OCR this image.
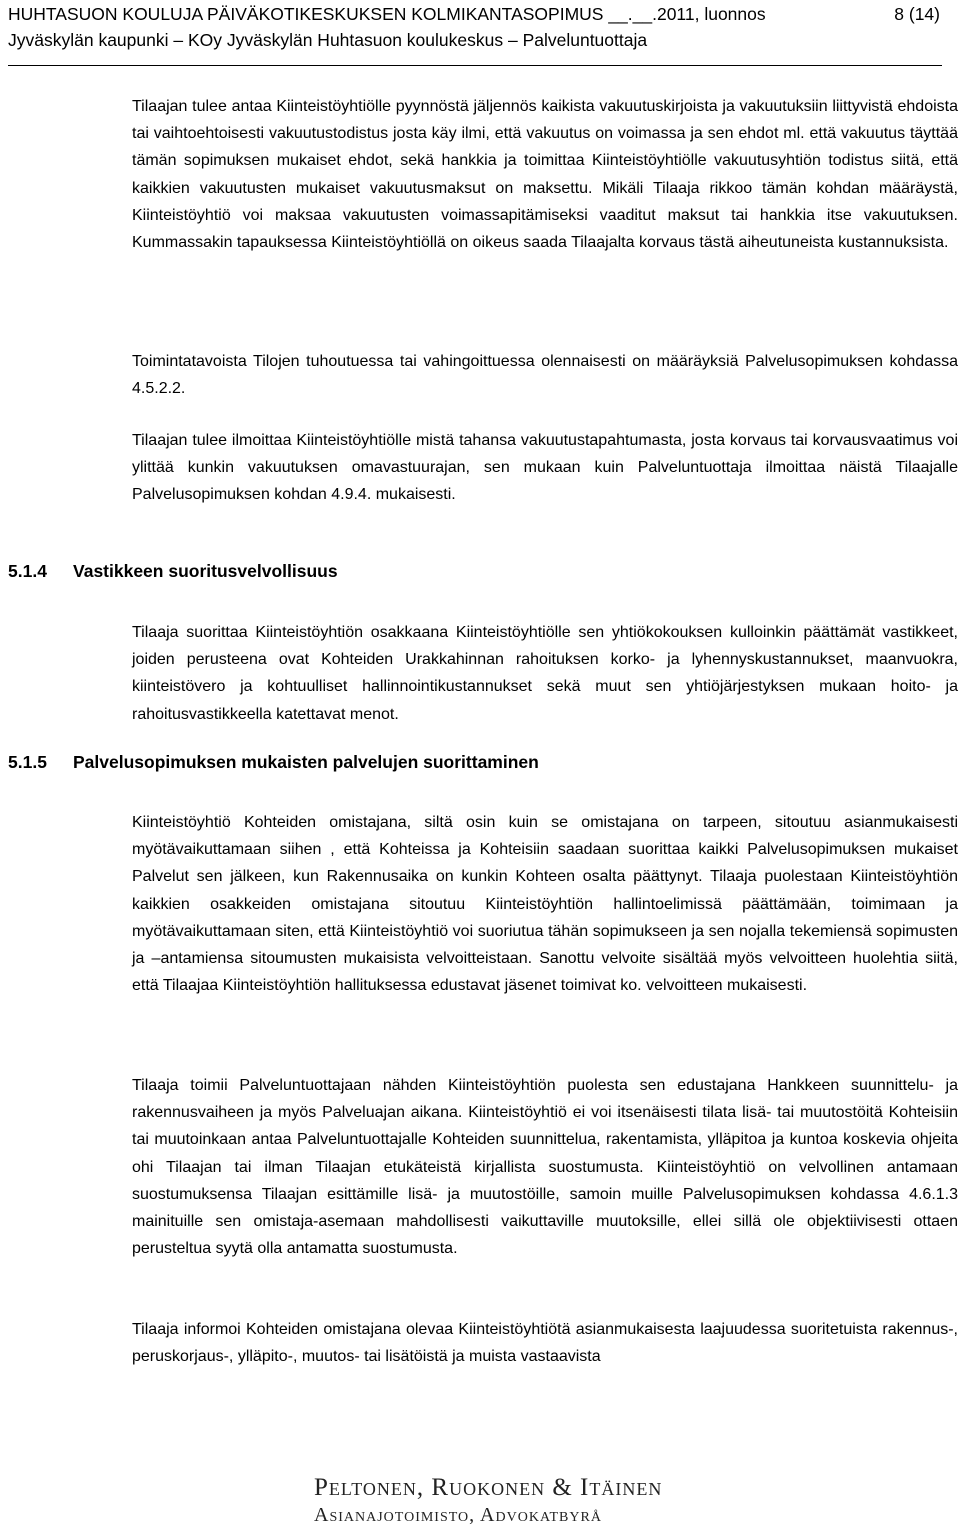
HUHTASUON KOULUJA PÄIVÄKOTIKESKUKSEN KOLMIKANTASOPIMUS __.__.2011, luonnos	8 (14)
Jyväskylän kaupunki – KOy Jyväskylän Huhtasuon koulukeskus – Palveluntuottaja

Tilaajan tulee antaa Kiinteistöyhtiölle pyynnöstä jäljennös kaikista vakuutuskirjoista ja vakuutuksiin liittyvistä ehdoista tai vaihtoehtoisesti vakuutustodistus josta käy ilmi, että vakuutus on voimassa ja sen ehdot ml. että vakuutus täyttää tämän sopimuksen mukaiset ehdot, sekä hankkia ja toimittaa Kiinteistöyhtiölle vakuutusyhtiön todistus siitä, että kaikkien vakuutusten mukaiset vakuutusmaksut on maksettu. Mikäli Tilaaja rikkoo tämän kohdan määräystä, Kiinteistöyhtiö voi maksaa vakuutusten voimassapitämiseksi vaaditut maksut tai hankkia itse vakuutuksen. Kummassakin tapauksessa Kiinteistöyhtiöllä on oikeus saada Tilaajalta korvaus tästä aiheutuneista kustannuksista.

Toimintatavoista Tilojen tuhoutuessa tai vahingoittuessa olennaisesti on määräyksiä Palvelusopimuksen kohdassa 4.5.2.2.

Tilaajan tulee ilmoittaa Kiinteistöyhtiölle mistä tahansa vakuutustapahtumasta, josta korvaus tai korvausvaatimus voi ylittää kunkin vakuutuksen omavastuurajan, sen mukaan kuin Palveluntuottaja ilmoittaa näistä Tilaajalle Palvelusopimuksen kohdan 4.9.4. mukaisesti.

5.1.4 Vastikkeen suoritusvelvollisuus

Tilaaja suorittaa Kiinteistöyhtiön osakkaana Kiinteistöyhtiölle sen yhtiökokouksen kulloinkin päättämät vastikkeet, joiden perusteena ovat Kohteiden Urakkahinnan rahoituksen korko- ja lyhennyskustannukset, maanvuokra, kiinteistövero ja kohtuulliset hallinnointikustannukset sekä muut sen yhtiöjärjestyksen mukaan hoito- ja rahoitusvastikkeella katettavat menot.

5.1.5 Palvelusopimuksen mukaisten palvelujen suorittaminen

Kiinteistöyhtiö Kohteiden omistajana, siltä osin kuin se omistajana on tarpeen, sitoutuu asianmukaisesti myötävaikuttamaan siihen , että Kohteissa ja Kohteisiin saadaan suorittaa kaikki Palvelusopimuksen mukaiset Palvelut sen jälkeen, kun Rakennusaika on kunkin Kohteen osalta päättynyt. Tilaaja puolestaan Kiinteistöyhtiön kaikkien osakkeiden omistajana sitoutuu Kiinteistöyhtiön hallintoelimissä päättämään, toimimaan ja myötävaikuttamaan siten, että Kiinteistöyhtiö voi suoriutua tähän sopimukseen ja sen nojalla tekemiensä sopimusten ja –antamiensa sitoumusten mukaisista velvoitteistaan. Sanottu velvoite sisältää myös velvoitteen huolehtia siitä, että Tilaajaa Kiinteistöyhtiön hallituksessa edustavat jäsenet toimivat ko. velvoitteen mukaisesti.

Tilaaja toimii Palveluntuottajaan nähden Kiinteistöyhtiön puolesta sen edustajana Hankkeen suunnittelu- ja rakennusvaiheen ja myös Palveluajan aikana. Kiinteistöyhtiö ei voi itsenäisesti tilata lisä- tai muutostöitä Kohteisiin tai muutoinkaan antaa Palveluntuottajalle Kohteiden suunnittelua, rakentamista, ylläpitoa ja kuntoa koskevia ohjeita ohi Tilaajan tai ilman Tilaajan etukäteistä kirjallista suostumusta. Kiinteistöyhtiö on velvollinen antamaan suostumuksensa Tilaajan esittämille lisä- ja muutostöille, samoin muille Palvelusopimuksen kohdassa 4.6.1.3 mainituille sen omistaja-asemaan mahdollisesti vaikuttaville muutoksille, ellei sillä ole objektiivisesti ottaen perusteltua syytä olla antamatta suostumusta.

Tilaaja informoi Kohteiden omistajana olevaa Kiinteistöyhtiötä asianmukaisesta laajuudessa suoritetuista rakennus-, peruskorjaus-, ylläpito-, muutos- tai lisätöistä ja muista vastaavista

Peltonen, Ruokonen & Itäinen
Asianajotoimisto, Advokatbyrå
